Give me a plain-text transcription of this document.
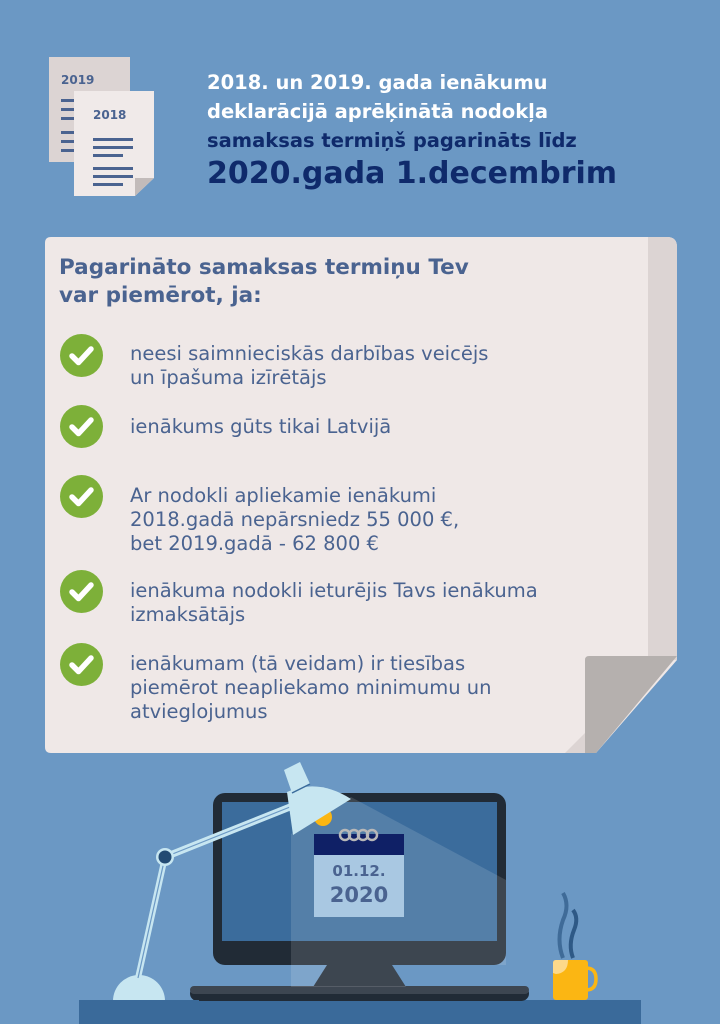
2019
2018
2018. un 2019. gada ienākumu
deklarācijā aprēķinātā nodokļa
samaksas termiņš pagarināts līdz
2020.gada 1.decembrim

Pagarināto samaksas termiņu Tev

var piemērot, ja:

neesi saimnieciskās darbības veicējs
un īpašuma izīrētājs
ienākums gūts tikai Latvijā
Ar nodokli apliekamie ienākumi
2018.gadā nepārsniedz 55 000 €,
bet 2019.gadā - 62 800 €
ienākuma nodokli ieturējis Tavs ienākuma
izmaksātājs
ienākumam (tā veidam) ir tiesības
piemērot neapliekamo minimumu un
atvieglojumus
01.12.
2020
